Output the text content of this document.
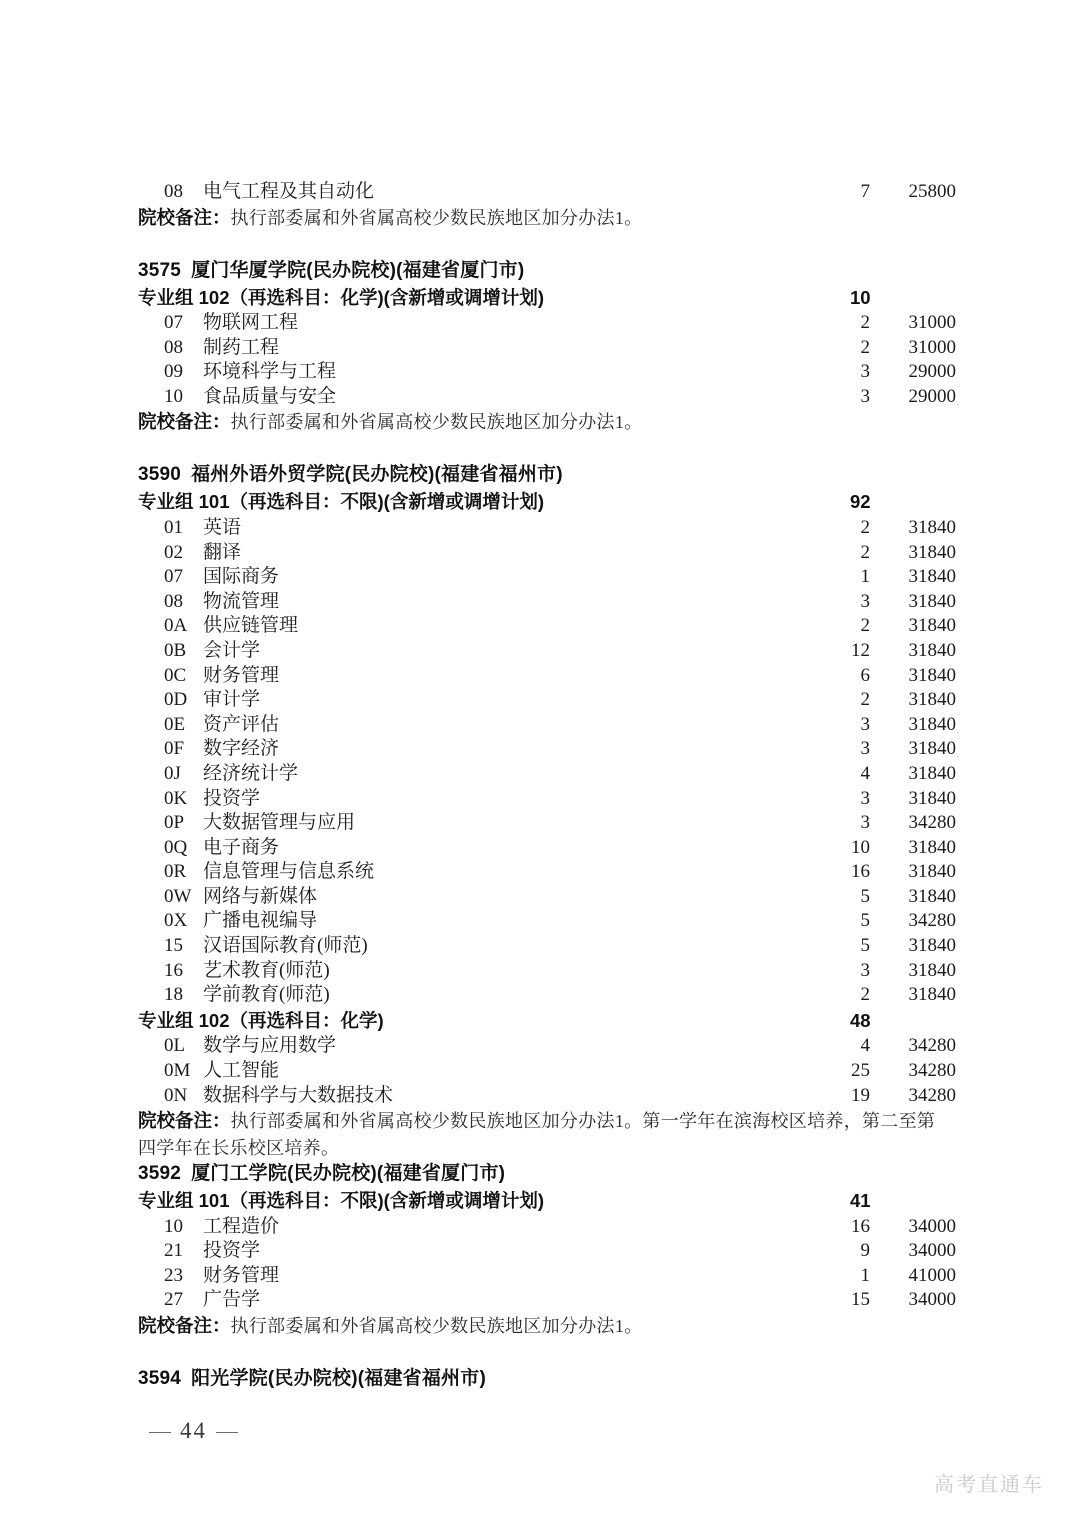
08 电气工程及其自动化	7	25800
院校备注：执行部委属和外省属高校少数民族地区加分办法1。
3575 厦门华厦学院(民办院校)(福建省厦门市)
专业组 102（再选科目：化学)(含新增或调增计划)	10
07 物联网工程	2	31000
08 制药工程	2	31000
09 环境科学与工程	3	29000
10 食品质量与安全	3	29000
院校备注：执行部委属和外省属高校少数民族地区加分办法1。
3590 福州外语外贸学院(民办院校)(福建省福州市)
专业组 101（再选科目：不限)(含新增或调增计划)	92
01 英语	2	31840
02 翻译	2	31840
07 国际商务	1	31840
08 物流管理	3	31840
0A 供应链管理	2	31840
0B 会计学	12	31840
0C 财务管理	6	31840
0D 审计学	2	31840
0E 资产评估	3	31840
0F 数字经济	3	31840
0J 经济统计学	4	31840
0K 投资学	3	31840
0P 大数据管理与应用	3	34280
0Q 电子商务	10	31840
0R 信息管理与信息系统	16	31840
0W 网络与新媒体	5	31840
0X 广播电视编导	5	34280
15 汉语国际教育(师范)	5	31840
16 艺术教育(师范)	3	31840
18 学前教育(师范)	2	31840
专业组 102（再选科目：化学)	48
0L 数学与应用数学	4	34280
0M 人工智能	25	34280
0N 数据科学与大数据技术	19	34280
院校备注：执行部委属和外省属高校少数民族地区加分办法1。第一学年在滨海校区培养，第二至第四学年在长乐校区培养。
3592 厦门工学院(民办院校)(福建省厦门市)
专业组 101（再选科目：不限)(含新增或调增计划)	41
10 工程造价	16	34000
21 投资学	9	34000
23 财务管理	1	41000
27 广告学	15	34000
院校备注：执行部委属和外省属高校少数民族地区加分办法1。
3594 阳光学院(民办院校)(福建省福州市)
44
高考直通车
